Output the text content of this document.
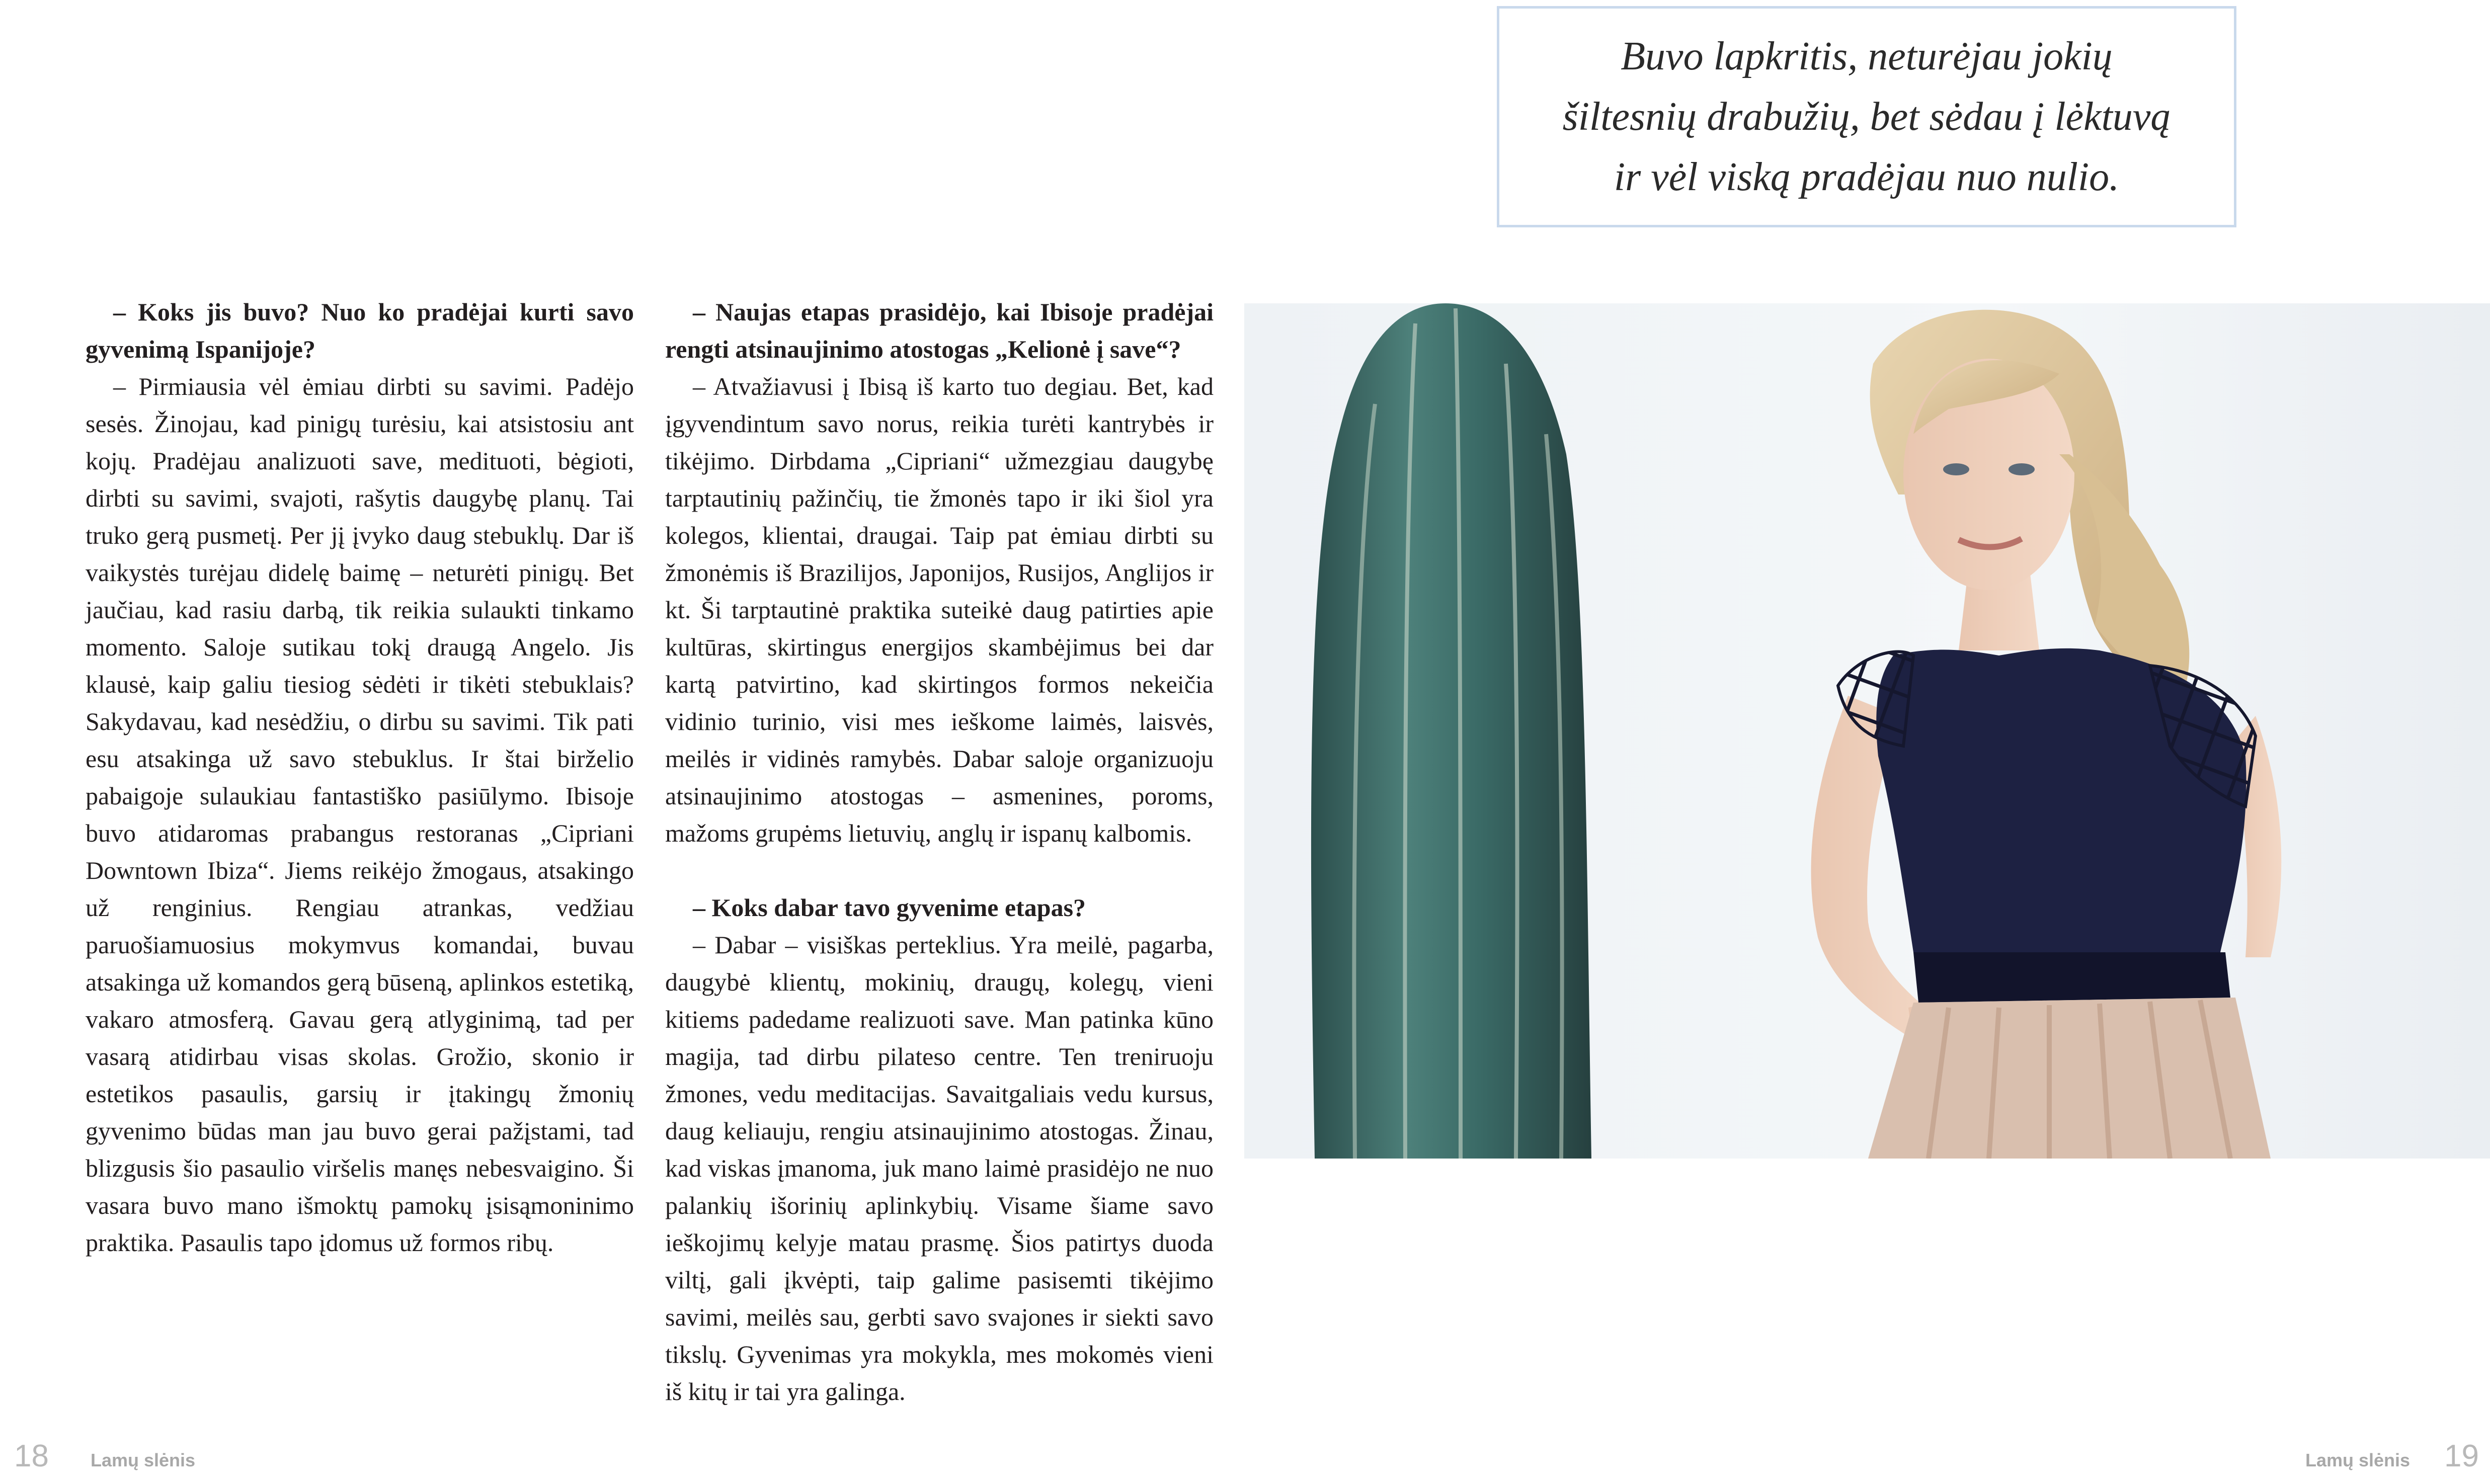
Buvo lapkritis, neturėjau jokių
šiltesnių drabužių, bet sėdau į lėktuvą
ir vėl viską pradėjau nuo nulio.

– Koks jis buvo? Nuo ko pradėjai kurti savo gyvenimą Ispanijoje?

– Pirmiausia vėl ėmiau dirbti su savimi. Padėjo sesės. Žinojau, kad pinigų turėsiu, kai atsistosiu ant kojų. Pradėjau analizuoti save, medituoti, bėgioti, dirbti su savimi, svajoti, rašytis daugybę planų. Tai truko gerą pusmetį. Per jį įvyko daug stebuklų. Dar iš vaikystės turėjau didelę baimę – neturėti pinigų. Bet jaučiau, kad rasiu darbą, tik reikia sulaukti tinkamo momento. Saloje sutikau tokį draugą Angelo. Jis klausė, kaip galiu tiesiog sėdėti ir tikėti stebuklais? Sakydavau, kad nesėdžiu, o dirbu su savimi. Tik pati esu atsakinga už savo stebuklus. Ir štai birželio pabaigoje sulaukiau fantastiško pasiūlymo. Ibisoje buvo atidaromas prabangus restoranas „Cipriani Downtown Ibiza“. Jiems reikėjo žmogaus, atsakingo už renginius. Rengiau atrankas, vedžiau paruošiamuosius mokymvus komandai, buvau atsakinga už komandos gerą būseną, aplinkos estetiką, vakaro atmosferą. Gavau gerą atlyginimą, tad per vasarą atidirbau visas skolas. Grožio, skonio ir estetikos pasaulis, garsių ir įtakingų žmonių gyvenimo būdas man jau buvo gerai pažįstami, tad blizgusis šio pasaulio viršelis manęs nebesvaigino. Ši vasara buvo mano išmoktų pamokų įsisąmoninimo praktika. Pasaulis tapo įdomus už formos ribų.

– Naujas etapas prasidėjo, kai Ibisoje pradėjai rengti atsinaujinimo atostogas „Kelionė į save“?

– Atvažiavusi į Ibisą iš karto tuo degiau. Bet, kad įgyvendintum savo norus, reikia turėti kantrybės ir tikėjimo. Dirbdama „Cipriani“ užmezgiau daugybę tarptautinių pažinčių, tie žmonės tapo ir iki šiol yra kolegos, klientai, draugai. Taip pat ėmiau dirbti su žmonėmis iš Brazilijos, Japonijos, Rusijos, Anglijos ir kt. Ši tarptautinė praktika suteikė daug patirties apie kultūras, skirtingus energijos skambėjimus bei dar kartą patvirtino, kad skirtingos formos nekeičia vidinio turinio, visi mes ieškome laimės, laisvės, meilės ir vidinės ramybės. Dabar saloje organizuoju atsinaujinimo atostogas – asmenines, poroms, mažoms grupėms lietuvių, anglų ir ispanų kalbomis.

– Koks dabar tavo gyvenime etapas?

– Dabar – visiškas perteklius. Yra meilė, pagarba, daugybė klientų, mokinių, draugų, kolegų, vieni kitiems padedame realizuoti save. Man patinka kūno magija, tad dirbu pilateso centre. Ten treniruoju žmones, vedu meditacijas. Savaitgaliais vedu kursus, daug keliauju, rengiu atsinaujinimo atostogas. Žinau, kad viskas įmanoma, juk mano laimė prasidėjo ne nuo palankių išorinių aplinkybių. Visame šiame savo ieškojimų kelyje matau prasmę. Šios patirtys duoda viltį, gali įkvėpti, taip galime pasisemti tikėjimo savimi, meilės sau, gerbti savo svajones ir siekti savo tikslų. Gyvenimas yra mokykla, mes mokomės vieni iš kitų ir tai yra galinga.

18 Lamų slėnis	Lamų slėnis 19
